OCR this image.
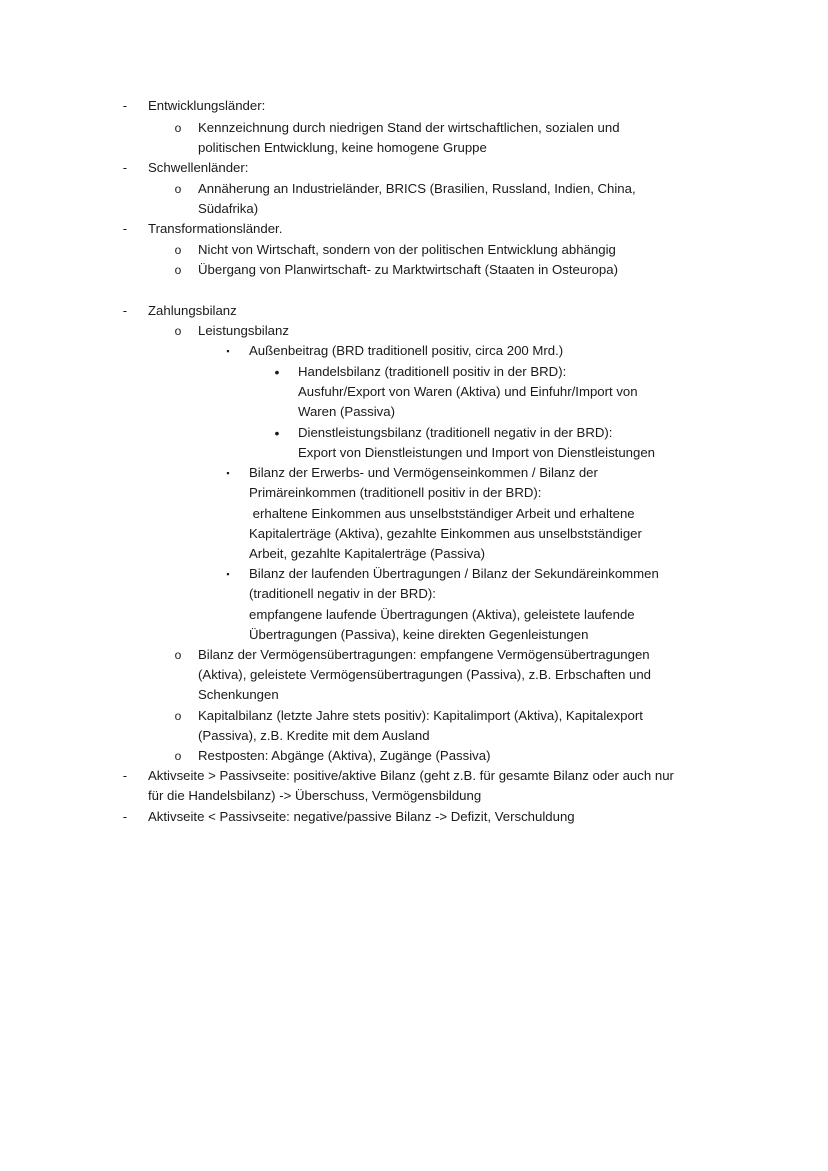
- Entwicklungsländer:
o Kennzeichnung durch niedrigen Stand der wirtschaftlichen, sozialen und
politischen Entwicklung, keine homogene Gruppe
- Schwellenländer:
o Annäherung an Industrieländer, BRICS (Brasilien, Russland, Indien, China,
Südafrika)
- Transformationsländer.
o Nicht von Wirtschaft, sondern von der politischen Entwicklung abhängig
o Übergang von Planwirtschaft- zu Marktwirtschaft (Staaten in Osteuropa)
- Zahlungsbilanz
o Leistungsbilanz
▪ Außenbeitrag (BRD traditionell positiv, circa 200 Mrd.)
• Handelsbilanz (traditionell positiv in der BRD):
Ausfuhr/Export von Waren (Aktiva) und Einfuhr/Import von
Waren (Passiva)
• Dienstleistungsbilanz (traditionell negativ in der BRD):
Export von Dienstleistungen und Import von Dienstleistungen
▪ Bilanz der Erwerbs- und Vermögenseinkommen / Bilanz der
Primäreinkommen (traditionell positiv in der BRD):
erhaltene Einkommen aus unselbstständiger Arbeit und erhaltene
Kapitalerträge (Aktiva), gezahlte Einkommen aus unselbstständiger
Arbeit, gezahlte Kapitalerträge (Passiva)
▪ Bilanz der laufenden Übertragungen / Bilanz der Sekundäreinkommen
(traditionell negativ in der BRD):
empfangene laufende Übertragungen (Aktiva), geleistete laufende
Übertragungen (Passiva), keine direkten Gegenleistungen
o Bilanz der Vermögensübertragungen: empfangene Vermögensübertragungen
(Aktiva), geleistete Vermögensübertragungen (Passiva), z.B. Erbschaften und
Schenkungen
o Kapitalbilanz (letzte Jahre stets positiv): Kapitalimport (Aktiva), Kapitalexport
(Passiva), z.B. Kredite mit dem Ausland
o Restposten: Abgänge (Aktiva), Zugänge (Passiva)
- Aktivseite > Passivseite: positive/aktive Bilanz (geht z.B. für gesamte Bilanz oder auch nur
für die Handelsbilanz) -> Überschuss, Vermögensbildung
- Aktivseite < Passivseite: negative/passive Bilanz -> Defizit, Verschuldung
